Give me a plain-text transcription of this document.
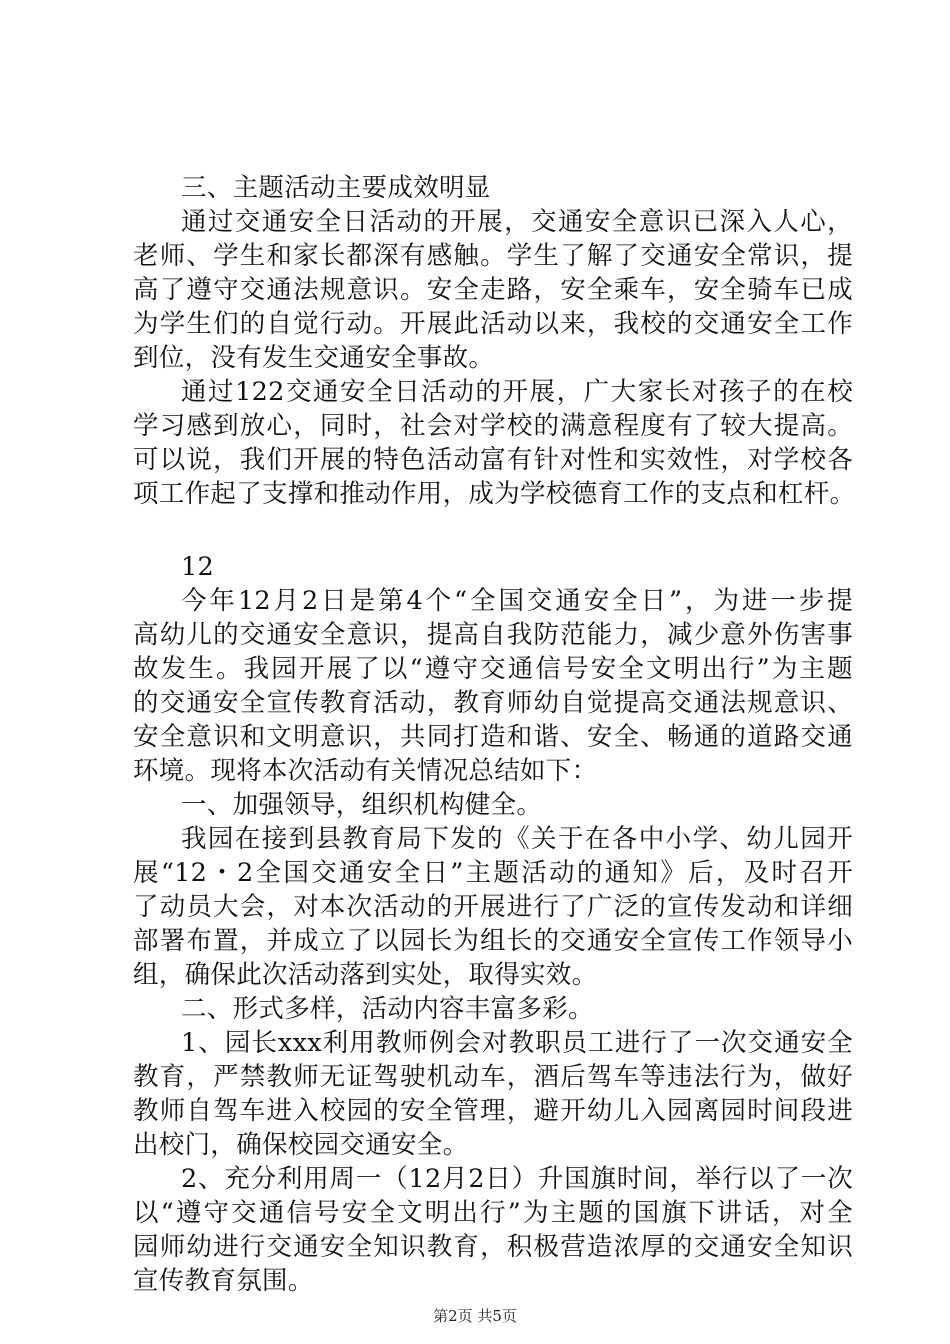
三、主题活动主要成效明显
通过交通安全日活动的开展，交通安全意识已深入人心，
老师、学生和家长都深有感触。学生了解了交通安全常识，提
高了遵守交通法规意识。安全走路，安全乘车，安全骑车已成
为学生们的自觉行动。开展此活动以来，我校的交通安全工作
到位，没有发生交通安全事故。
通过122交通安全日活动的开展，广大家长对孩子的在校
学习感到放心，同时，社会对学校的满意程度有了较大提高。
可以说，我们开展的特色活动富有针对性和实效性，对学校各
项工作起了支撑和推动作用，成为学校德育工作的支点和杠杆。
12
今年12月2日是第4个“全国交通安全日”，为进一步提
高幼儿的交通安全意识，提高自我防范能力，减少意外伤害事
故发生。我园开展了以“遵守交通信号安全文明出行”为主题
的交通安全宣传教育活动，教育师幼自觉提高交通法规意识、
安全意识和文明意识，共同打造和谐、安全、畅通的道路交通
环境。现将本次活动有关情况总结如下：
一、加强领导，组织机构健全。
我园在接到县教育局下发的《关于在各中小学、幼儿园开
展“12・2全国交通安全日”主题活动的通知》后，及时召开
了动员大会，对本次活动的开展进行了广泛的宣传发动和详细
部署布置，并成立了以园长为组长的交通安全宣传工作领导小
组，确保此次活动落到实处，取得实效。
二、形式多样，活动内容丰富多彩。
1、园长xxx利用教师例会对教职员工进行了一次交通安全
教育，严禁教师无证驾驶机动车，酒后驾车等违法行为，做好
教师自驾车进入校园的安全管理，避开幼儿入园离园时间段进
出校门，确保校园交通安全。
2、充分利用周一（12月2日）升国旗时间，举行以了一次
以“遵守交通信号安全文明出行”为主题的国旗下讲话，对全
园师幼进行交通安全知识教育，积极营造浓厚的交通安全知识
宣传教育氛围。
第2页 共5页
